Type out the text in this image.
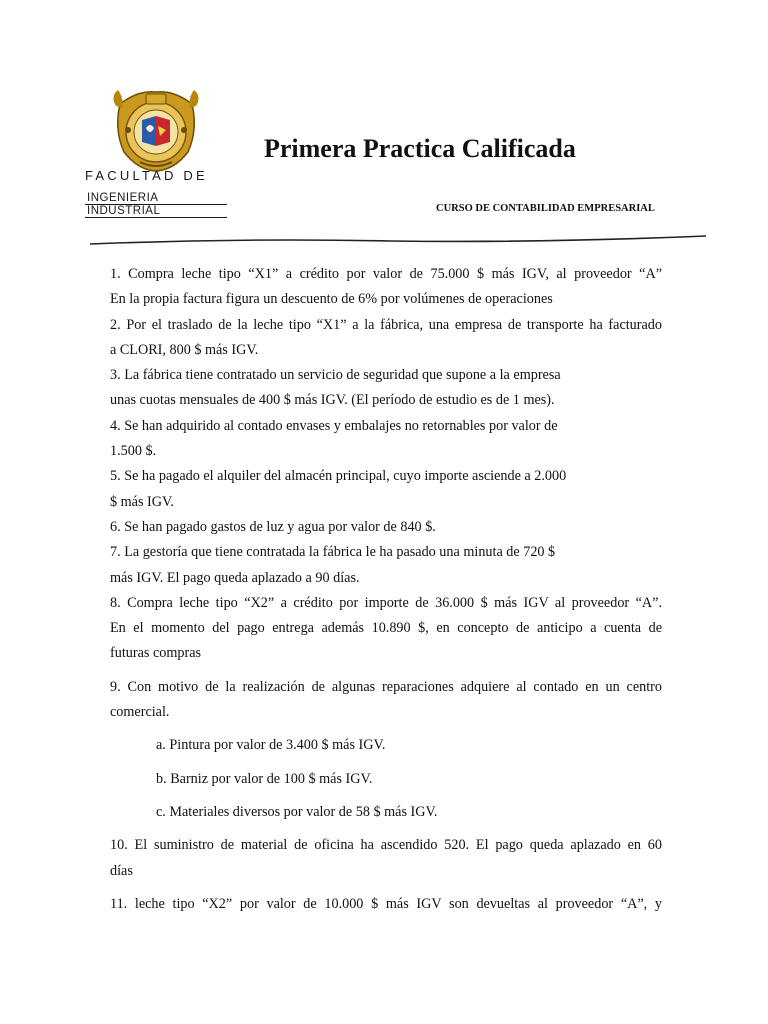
FACULTAD DE
INGENIERIA
INDUSTRIAL
Primera Practica Calificada
CURSO DE CONTABILIDAD EMPRESARIAL

1. Compra leche tipo “X1” a crédito por valor de 75.000 $ más IGV, al proveedor “A”

En la propia factura figura un descuento de 6% por volúmenes de operaciones

2. Por el traslado de la leche tipo “X1” a la fábrica, una empresa de transporte ha facturado

a CLORI, 800 $ más IGV.

3. La fábrica tiene contratado un servicio de seguridad que supone a la empresa

unas cuotas mensuales de 400 $ más IGV. (El período de estudio es de 1 mes).

4. Se han adquirido al contado envases y embalajes no retornables por valor de

1.500 $.

5. Se ha pagado el alquiler del almacén principal, cuyo importe asciende a 2.000

$ más IGV.

6. Se han pagado gastos de luz y agua por valor de 840 $.

7. La gestoría que tiene contratada la fábrica le ha pasado una minuta de 720 $

más IGV. El pago queda aplazado a 90 días.

8. Compra leche tipo “X2” a crédito por importe de 36.000 $ más IGV al proveedor “A”.

En el momento del pago entrega además 10.890 $, en concepto de anticipo a cuenta de

futuras compras

9. Con motivo de la realización de algunas reparaciones adquiere al contado en un centro

comercial.

a. Pintura por valor de 3.400 $ más IGV.

b. Barniz por valor de 100 $ más IGV.

c. Materiales diversos por valor de 58 $ más IGV.

10. El suministro de material de oficina ha ascendido 520. El pago queda aplazado en 60

días

11. leche tipo “X2” por valor de 10.000 $ más IGV son devueltas al proveedor “A”, y
